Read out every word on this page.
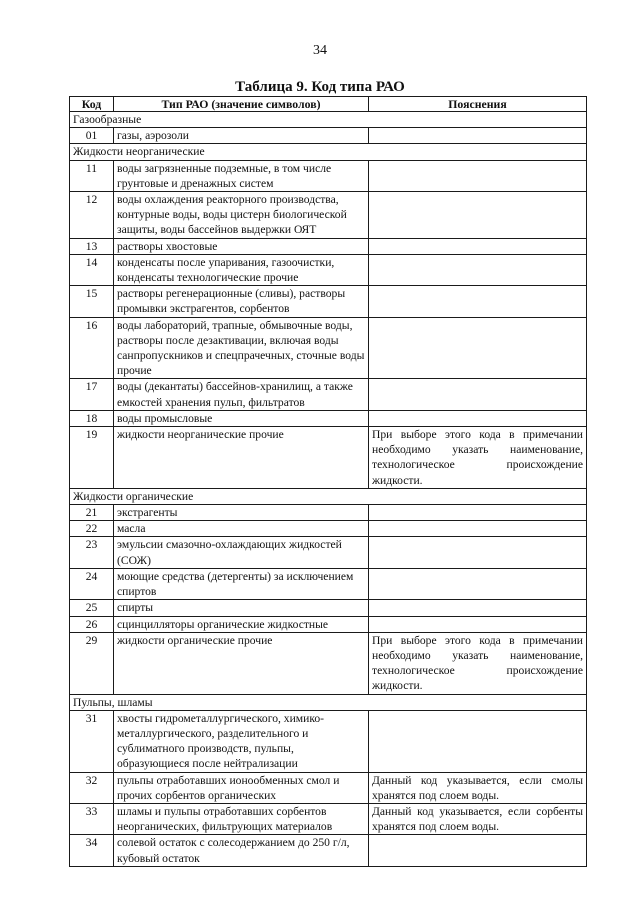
34
Таблица 9. Код типа РАО
Код	Тип РАО (значение символов)	Пояснения
Газообразные		
01	газы, аэрозоли	
Жидкости неорганические		
11	воды загрязненные подземные, в том числе грунтовые и дренажных систем	
12	воды охлаждения реакторного производства, контурные воды, воды цистерн биологической защиты, воды бассейнов выдержки ОЯТ	
13	растворы хвостовые	
14	конденсаты после упаривания, газоочистки, конденсаты технологические прочие	
15	растворы регенерационные (сливы), растворы промывки экстрагентов, сорбентов	
16	воды лабораторий, трапные, обмывочные воды, растворы после дезактивации, включая воды санпропускников и спецпрачечных, сточные воды прочие	
17	воды (декантаты) бассейнов-хранилищ, а также емкостей хранения пульп, фильтратов	
18	воды промысловые	
19	жидкости неорганические прочие	При выборе этого кода в примечании необходимо указать наименование, технологическое происхождение жидкости.
Жидкости органические		
21	экстрагенты	
22	масла	
23	эмульсии смазочно-охлаждающих жидкостей (СОЖ)	
24	моющие средства (детергенты) за исключением спиртов	
25	спирты	
26	сцинцилляторы органические жидкостные	
29	жидкости органические прочие	При выборе этого кода в примечании необходимо указать наименование, технологическое происхождение жидкости.
Пульпы, шламы		
31	хвосты гидрометаллургического, химико-металлургического, разделительного и сублиматного производств, пульпы, образующиеся после нейтрализации	
32	пульпы отработавших ионообменных смол и прочих сорбентов органических	Данный код указывается, если смолы хранятся под слоем воды.
33	шламы и пульпы отработавших сорбентов неорганических, фильтрующих материалов	Данный код указывается, если сорбенты хранятся под слоем воды.
34	солевой остаток с солесодержанием до 250 г/л, кубовый остаток	
